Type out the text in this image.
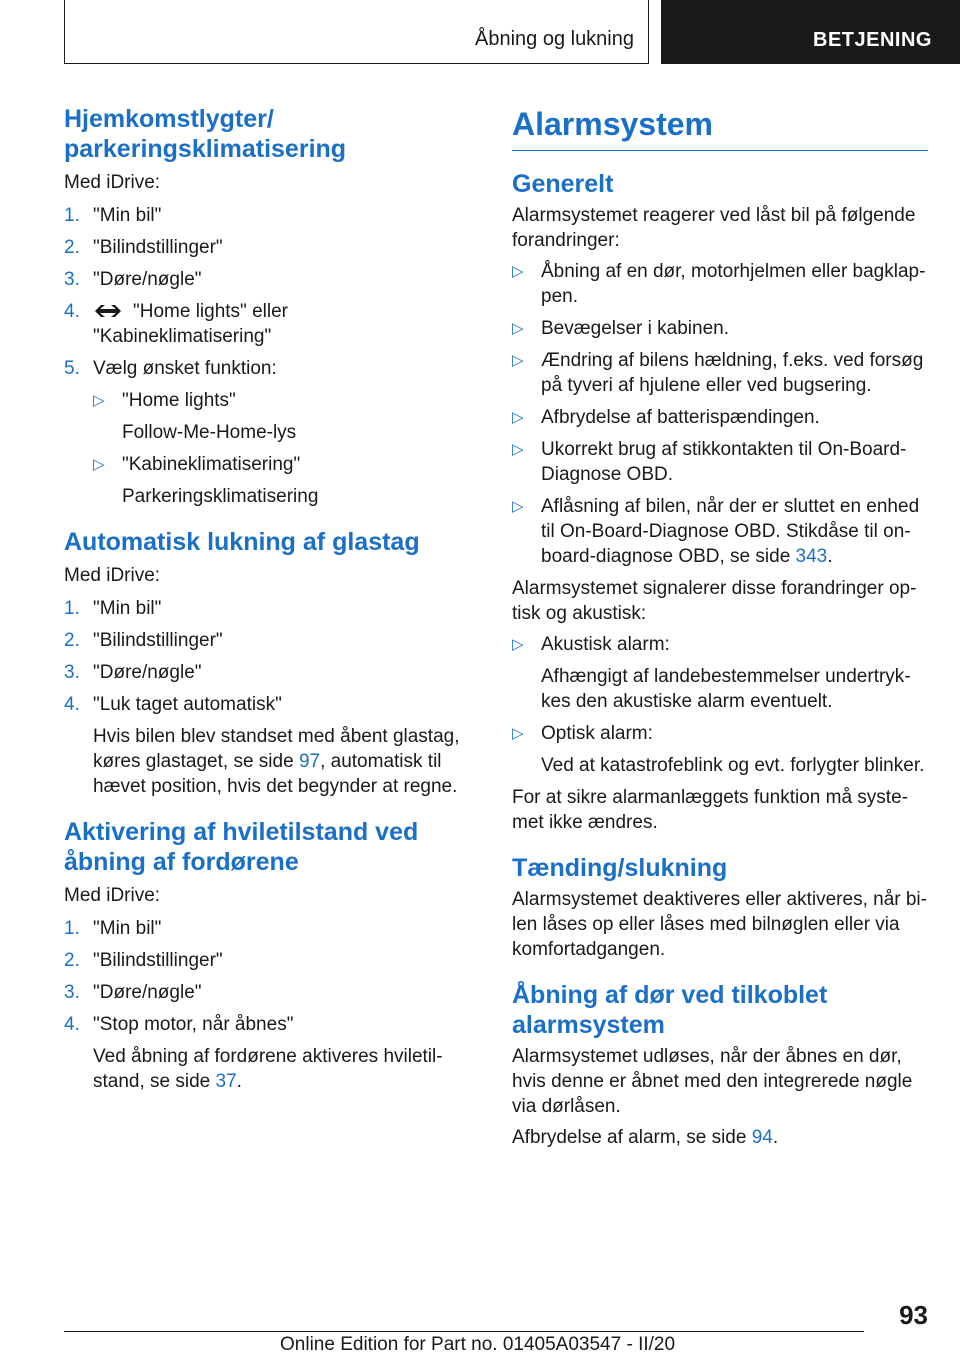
Åbning og lukning	BETJENING
Hjemkomstlygter/ parkeringsklimatisering

Med iDrive:

1. "Min bil"
2. "Bilindstillinger"
3. "Døre/nøgle"
4.	"Home lights" eller "Kabineklimatisering"
5. Vælg ønsket funktion:
▷ "Home lights"
Follow-Me-Home-lys
▷ "Kabineklimatisering"
Parkeringsklimatisering
Automatisk lukning af glastag

Med iDrive:

1. "Min bil"
2. "Bilindstillinger"
3. "Døre/nøgle"
4. "Luk taget automatisk"
Hvis bilen blev standset med åbent glastag, køres glastaget, se side 97, automatisk til hævet position, hvis det begynder at regne.
Aktivering af hviletilstand ved åbning af fordørene

Med iDrive:

1. "Min bil"
2. "Bilindstillinger"
3. "Døre/nøgle"
4. "Stop motor, når åbnes"
Ved åbning af fordørene aktiveres hviletilstand, se side 37.
Alarmsystem
Generelt

Alarmsystemet reagerer ved låst bil på følgende forandringer:

▷ Åbning af en dør, motorhjelmen eller bagklappen.
▷ Bevægelser i kabinen.
▷ Ændring af bilens hældning, f.eks. ved forsøg på tyveri af hjulene eller ved bugsering.
▷ Afbrydelse af batterispændingen.
▷ Ukorrekt brug af stikkontakten til On-Board-Diagnose OBD.
▷ Aflåsning af bilen, når der er sluttet en enhed til On-Board-Diagnose OBD. Stikdåse til on-board-diagnose OBD, se side 343.

Alarmsystemet signalerer disse forandringer optisk og akustisk:

▷ Akustisk alarm:
Afhængigt af landebestemmelser undertrykkes den akustiske alarm eventuelt.
▷ Optisk alarm:
Ved at katastrofeblink og evt. forlygter blinker.

For at sikre alarmanlæggets funktion må systemet ikke ændres.

Tænding/slukning

Alarmsystemet deaktiveres eller aktiveres, når bilen låses op eller låses med bilnøglen eller via komfortadgangen.

Åbning af dør ved tilkoblet alarmsystem

Alarmsystemet udløses, når der åbnes en dør, hvis denne er åbnet med den integrerede nøgle via dørlåsen.

Afbrydelse af alarm, se side 94.

93
Online Edition for Part no. 01405A03547 - II/20
